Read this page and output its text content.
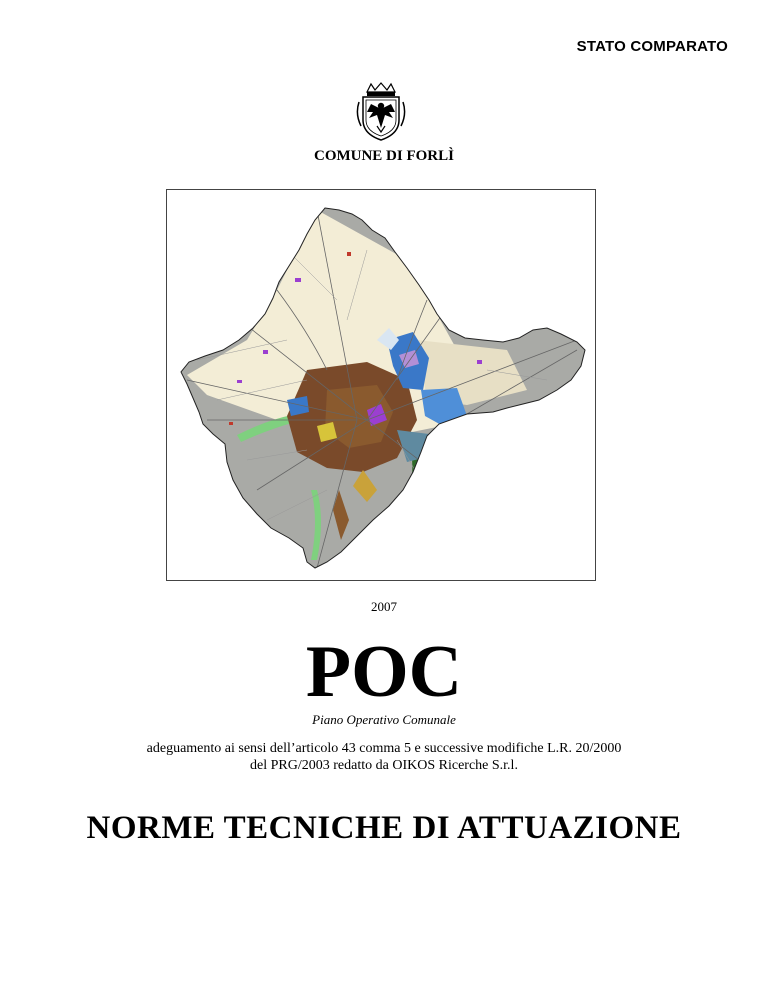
STATO COMPARATO
COMUNE DI FORLÌ
2007
POC
Piano Operativo Comunale
adeguamento ai sensi dell’articolo 43 comma 5 e successive modifiche L.R. 20/2000
del PRG/2003 redatto da OIKOS Ricerche S.r.l.
NORME TECNICHE DI ATTUAZIONE
